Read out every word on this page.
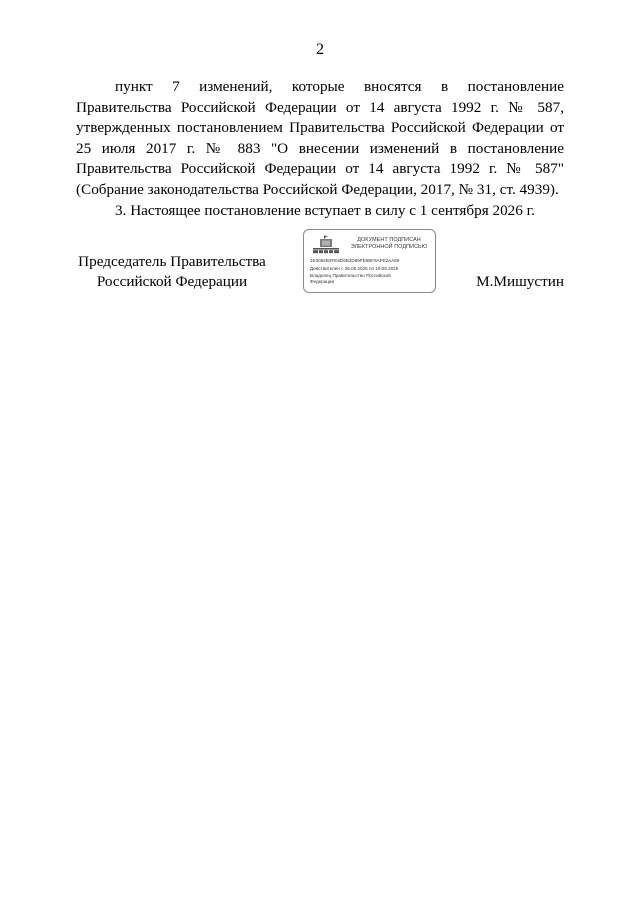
2

пункт 7 изменений, которые вносятся в постановление Правительства Российской Федерации от 14 августа 1992 г. № 587, утвержденных постановлением Правительства Российской Федерации от 25 июля 2017 г. № 883 "О внесении изменений в постановление Правительства Российской Федерации от 14 августа 1992 г. № 587" (Собрание законодательства Российской Федерации, 2017, № 31, ст. 4939).

3. Настоящее постановление вступает в силу с 1 сентября 2026 г.

Председатель Правительства
Российской Федерации
ДОКУМЕНТ ПОДПИСАН
ЭЛЕКТРОННОЙ ПОДПИСЬЮ
1E0062B3FE6D6B2D89FE6BF6AFE2AA69
Действителен с 26.06.2025 по 19.09.2026
Владелец Правительство Российской Федерации	М.Мишустин
